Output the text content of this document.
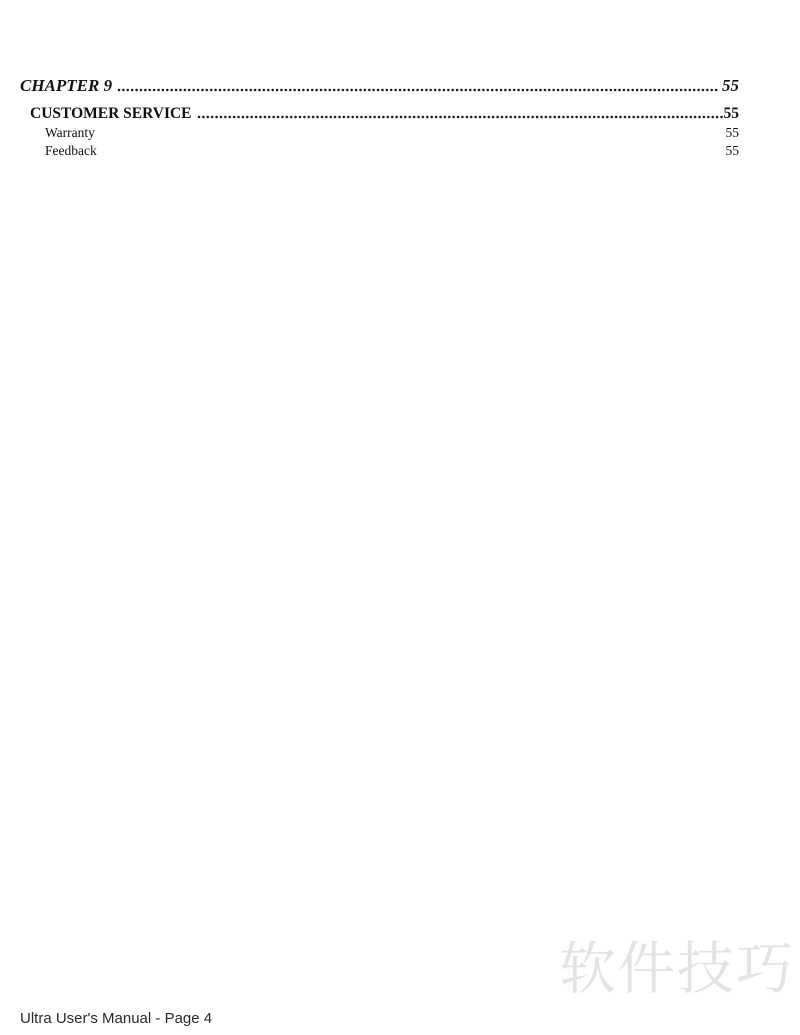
CHAPTER 9	55
CUSTOMER SERVICE	55
Warranty	55
Feedback	55
软件技巧
Ultra User's Manual - Page 4
